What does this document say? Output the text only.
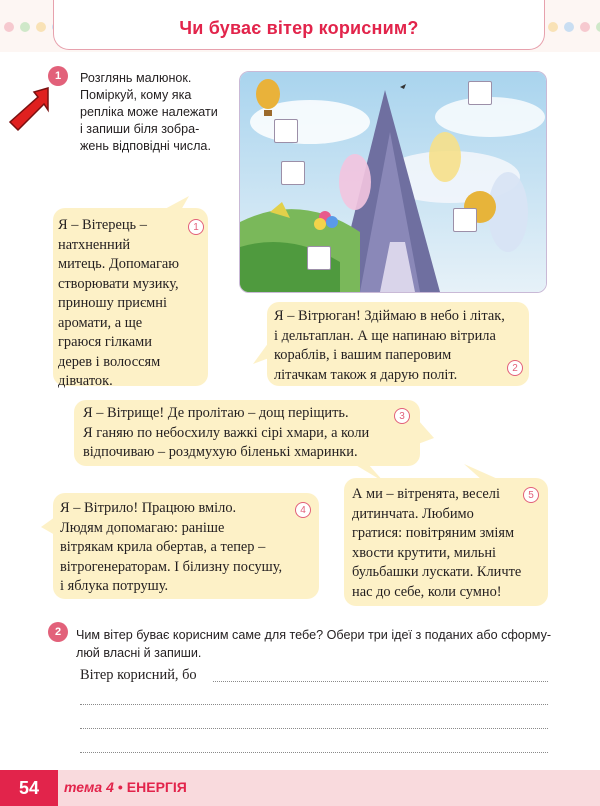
Чи буває вітер корисним?
1	Розглянь малюнок.
Поміркуй, кому яка
репліка може належати
і запиши біля зобра-
жень відповідні числа.
1
Я – Вітерець –
натхненний
митець. Допомагаю
створювати музику,
приношу приємні
аромати, а ще
граюся гілками
дерев і волоссям
дівчаток.
2
Я – Вітрюган! Здіймаю в небо і літак,
і дельтаплан. А ще напинаю вітрила
кораблів, і вашим паперовим
літачкам також я дарую політ.
3
Я – Вітрище! Де пролітаю – дощ періщить.
Я ганяю по небосхилу важкі сірі хмари, а коли
відпочиваю – роздмухую біленькі хмаринки.
4
Я – Вітрило! Працюю вміло.
Людям допомагаю: раніше
вітрякам крила обертав, а тепер –
вітрогенераторам. І білизну посушу,
і яблука потрушу.
5
А ми – вітренята, веселі
дитинчата. Любимо
гратися: повітряним зміям
хвости крутити, мильні
бульбашки лускати. Кличте
нас до себе, коли сумно!
2	Чим вітер буває корисним саме для тебе? Обери три ідеї з поданих або сформу-
люй власні й запиши.
Вітер корисний, бо
54	тема 4 • ЕНЕРГІЯ
